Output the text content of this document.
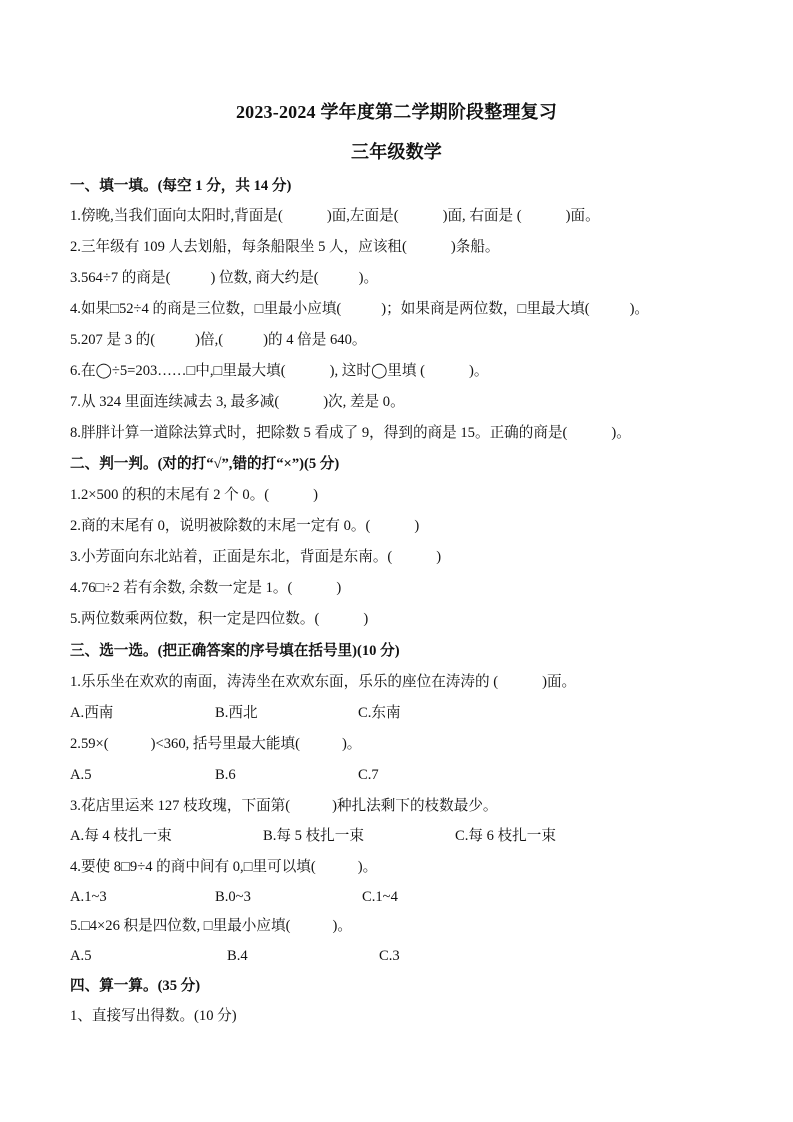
2023-2024 学年度第二学期阶段整理复习
三年级数学
一、填一填。(每空 1 分，共 14 分)
1.傍晚,当我们面向太阳时,背面是(	)面,左面是(	)面, 右面是 (	)面。
2.三年级有 109 人去划船，每条船限坐 5 人，应该租(	)条船。
3.564÷7 的商是(	) 位数, 商大约是(	)。
4.如果□52÷4 的商是三位数，□里最小应填(	)；如果商是两位数，□里最大填(	)。
5.207 是 3 的(	)倍,(	)的 4 倍是 640。
6.在◯÷5=203……□中,□里最大填(	), 这时◯里填 (	)。
7.从 324 里面连续减去 3, 最多减(	)次, 差是 0。
8.胖胖计算一道除法算式时，把除数 5 看成了 9，得到的商是 15。正确的商是(	)。
二、判一判。(对的打“√”,错的打“×”)(5 分)
1.2×500 的积的末尾有 2 个 0。(	)
2.商的末尾有 0，说明被除数的末尾一定有 0。(	)
3.小芳面向东北站着，正面是东北，背面是东南。(	)
4.76□÷2 若有余数, 余数一定是 1。(	)
5.两位数乘两位数，积一定是四位数。(	)
三、选一选。(把正确答案的序号填在括号里)(10 分)
1.乐乐坐在欢欢的南面，涛涛坐在欢欢东面，乐乐的座位在涛涛的 (	)面。
A.西南	B.西北	C.东南
2.59×(	)<360, 括号里最大能填(	)。
A.5	B.6	C.7
3.花店里运来 127 枝玫瑰，下面第(	)种扎法剩下的枝数最少。
A.每 4 枝扎一束	B.每 5 枝扎一束	C.每 6 枝扎一束
4.要使 8□9÷4 的商中间有 0,□里可以填(	)。
A.1~3	B.0~3	C.1~4
5.□4×26 积是四位数, □里最小应填(	)。
A.5	B.4	C.3
四、算一算。(35 分)
1、直接写出得数。(10 分)
